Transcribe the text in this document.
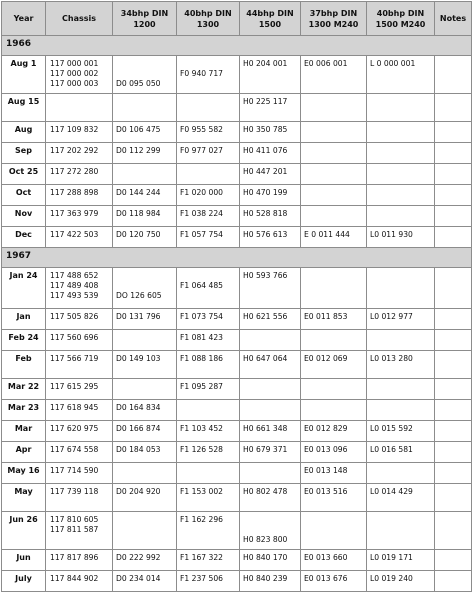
Year	Chassis	34bhp DIN 1200	40bhp DIN 1300	44bhp DIN 1500	37bhp DIN 1300 M240	40bhp DIN 1500 M240	Notes
1966							
Aug 1	117 000 001
117 000 002
117 000 003	D0 095 050	F0 940 717	H0 204 001	E0 006 001	L 0 000 001	

Aug 15				H0 225 117			

Aug	117 109 832	D0 106 475	F0 955 582	H0 350 785			

Sep	117 202 292	D0 112 299	F0 977 027	H0 411 076			

Oct 25	117 272 280			H0 447 201			

Oct	117 288 898	D0 144 244	F1 020 000	H0 470 199			

Nov	117 363 979	D0 118 984	F1 038 224	H0 528 818			

Dec	117 422 503	D0 120 750	F1 057 754	H0 576 613	E 0 011 444	L0 011 930	

1967							
Jan 24	117 488 652
117 489 408
117 493 539	DO 126 605	F1 064 485	H0 593 766			

Jan	117 505 826	D0 131 796	F1 073 754	H0 621 556	E0 011 853	L0 012 977	

Feb 24	117 560 696		F1 081 423				

Feb	117 566 719	D0 149 103	F1 088 186	H0 647 064	E0 012 069	L0 013 280	

Mar 22	117 615 295		F1 095 287				

Mar 23	117 618 945	D0 164 834					

Mar	117 620 975	D0 166 874	F1 103 452	H0 661 348	E0 012 829	L0 015 592	

Apr	117 674 558	D0 184 053	F1 126 528	H0 679 371	E0 013 096	L0 016 581	

May 16	117 714 590				E0 013 148		

May	117 739 118	D0 204 920	F1 153 002	H0 802 478	E0 013 516	L0 014 429	

Jun 26	117 810 605
117 811 587		F1 162 296	H0 823 800			

Jun	117 817 896	D0 222 992	F1 167 322	H0 840 170	E0 013 660	L0 019 171	

July	117 844 902	D0 234 014	F1 237 506	H0 840 239	E0 013 676	L0 019 240	
